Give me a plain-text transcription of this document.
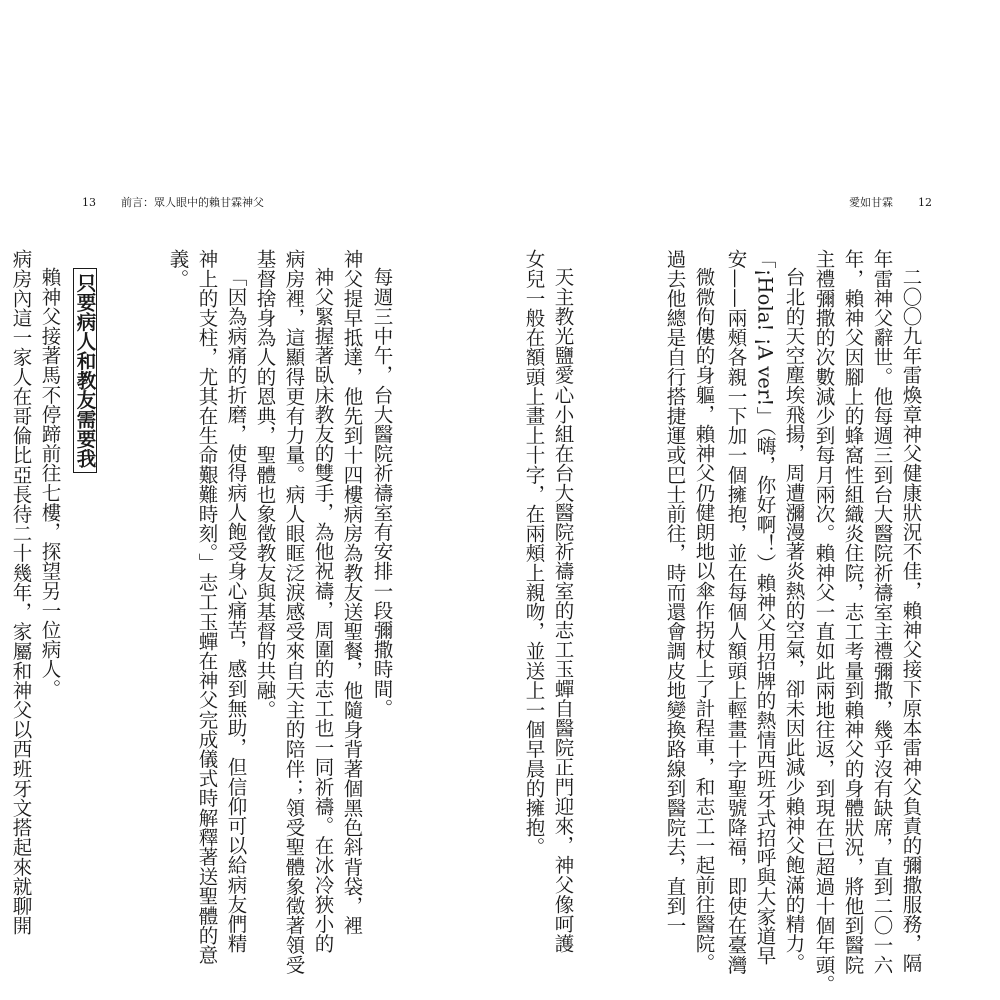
13 前言：眾人眼中的賴甘霖神父	愛如甘霖 12
二〇〇九年雷煥章神父健康狀況不佳，賴神父接下原本雷神父負責的彌撒服務，隔
年雷神父辭世。他每週三到台大醫院祈禱室主禮彌撒，幾乎沒有缺席，直到二〇一六
年，賴神父因腳上的蜂窩性組織炎住院，志工考量到賴神父的身體狀況，將他到醫院
主禮彌撒的次數減少到每月兩次。賴神父一直如此兩地往返，到現在已超過十個年頭。
台北的天空塵埃飛揚，周遭瀰漫著炎熱的空氣，卻未因此減少賴神父飽滿的精力。
「¡Hola! ¡A ver!」（嗨，你好啊！）賴神父用招牌的熱情西班牙式招呼與大家道早
安——兩頰各親一下加一個擁抱，並在每個人額頭上輕畫十字聖號降福，即使在臺灣
微微佝僂的身軀，賴神父仍健朗地以傘作拐杖上了計程車，和志工一起前往醫院。
過去他總是自行搭捷運或巴士前往，時而還會調皮地變換路線到醫院去，直到一
天主教光鹽愛心小組在台大醫院祈禱室的志工玉蟬自醫院正門迎來，神父像呵護
女兒一般在額頭上畫上十字，在兩頰上親吻，並送上一個早晨的擁抱。
每週三中午，台大醫院祈禱室有安排一段彌撒時間。
神父提早抵達，他先到十四樓病房為教友送聖餐，他隨身背著個黑色斜背袋，裡
神父緊握著臥床教友的雙手，為他祝禱，周圍的志工也一同祈禱。在冰冷狹小的
病房裡，這顯得更有力量。病人眼眶泛淚感受來自天主的陪伴；領受聖體象徵著領受
基督捨身為人的恩典，聖體也象徵教友與基督的共融。
「因為病痛的折磨，使得病人飽受身心痛苦，感到無助，但信仰可以給病友們精
神上的支柱，尤其在生命艱難時刻。」志工玉蟬在神父完成儀式時解釋著送聖體的意
義。
只要病人和教友需要我
賴神父接著馬不停蹄前往七樓，探望另一位病人。
病房內這一家人在哥倫比亞長待二十幾年，家屬和神父以西班牙文搭起來就聊開
